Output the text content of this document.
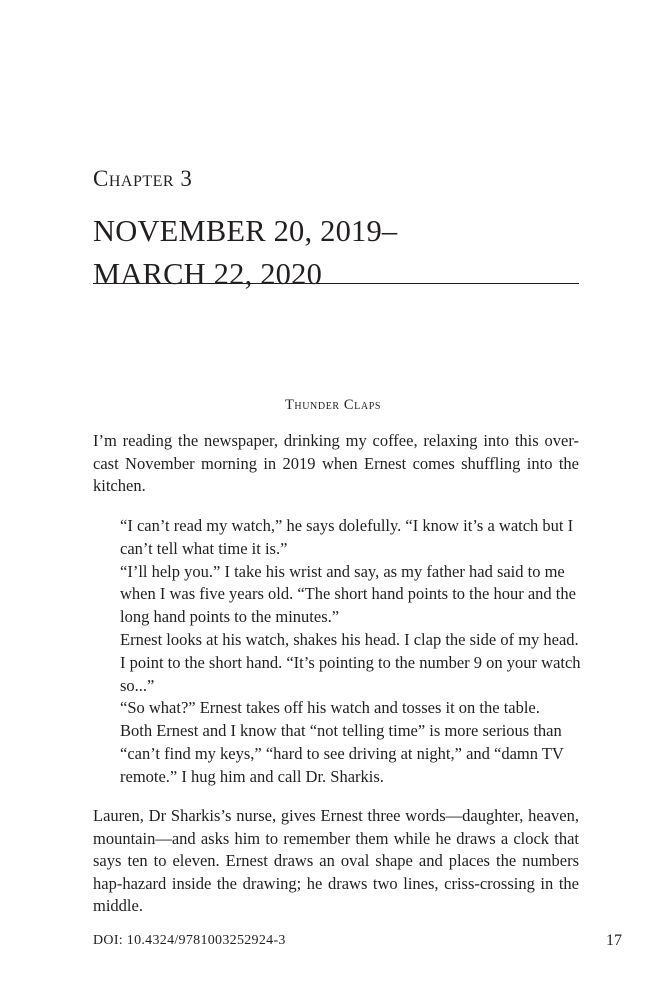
Chapter 3
NOVEMBER 20, 2019–
MARCH 22, 2020
Thunder Claps

I’m reading the newspaper, drinking my coffee, relaxing into this over-cast November morning in 2019 when Ernest comes shuffling into the kitchen.

“I can’t read my watch,” he says dolefully. “I know it’s a watch but I can’t tell what time it is.”

“I’ll help you.” I take his wrist and say, as my father had said to me when I was five years old. “The short hand points to the hour and the long hand points to the minutes.”

Ernest looks at his watch, shakes his head. I clap the side of my head. I point to the short hand. “It’s pointing to the number 9 on your watch so...”

“So what?” Ernest takes off his watch and tosses it on the table.

Both Ernest and I know that “not telling time” is more serious than “can’t find my keys,” “hard to see driving at night,” and “damn TV remote.” I hug him and call Dr. Sharkis.

Lauren, Dr Sharkis’s nurse, gives Ernest three words—daughter, heaven, mountain—and asks him to remember them while he draws a clock that says ten to eleven. Ernest draws an oval shape and places the numbers hap-hazard inside the drawing; he draws two lines, criss-crossing in the middle.

DOI: 10.4324/9781003252924-3	17
